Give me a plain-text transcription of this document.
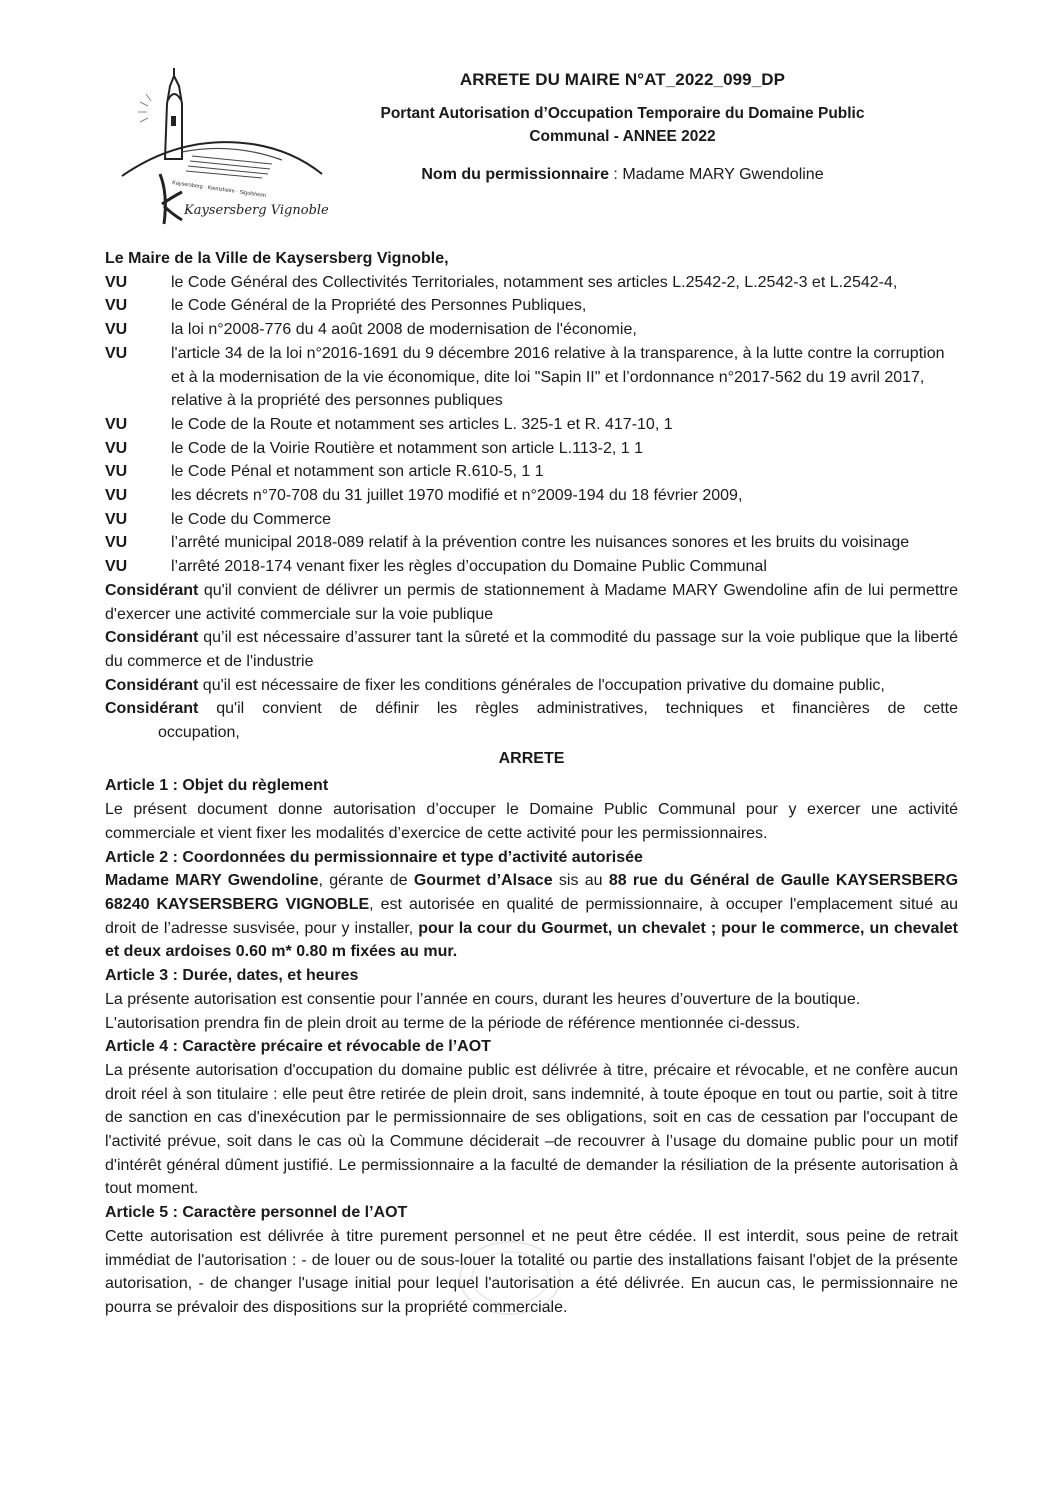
Kaysersberg · Kientzheim · Sigolsheim
Kaysersberg Vignoble
ARRETE DU MAIRE N°AT_2022_099_DP
Portant Autorisation d’Occupation Temporaire du Domaine Public
Communal - ANNEE 2022
Nom du permissionnaire : Madame MARY Gwendoline
Le Maire de la Ville de Kaysersberg Vignoble,
VU	le Code Général des Collectivités Territoriales, notamment ses articles L.2542-2, L.2542-3 et L.2542-4,
VU	le Code Général de la Propriété des Personnes Publiques,
VU	la loi n°2008-776 du 4 août 2008 de modernisation de l'économie,
VU	l'article 34 de la loi n°2016-1691 du 9 décembre 2016 relative à la transparence, à la lutte contre la corruption et à la modernisation de la vie économique, dite loi "Sapin II" et l’ordonnance n°2017-562 du 19 avril 2017, relative à la propriété des personnes publiques
VU	le Code de la Route et notamment ses articles L. 325-1 et R. 417-10, 1
VU	le Code de la Voirie Routière et notamment son article L.113-2, 1 1
VU	le Code Pénal et notamment son article R.610-5, 1 1
VU	les décrets n°70-708 du 31 juillet 1970 modifié et n°2009-194 du 18 février 2009,
VU	le Code du Commerce
VU	l’arrêté municipal 2018-089 relatif à la prévention contre les nuisances sonores et les bruits du voisinage
VU	l’arrêté 2018-174 venant fixer les règles d’occupation du Domaine Public Communal
Considérant qu'il convient de délivrer un permis de stationnement à Madame MARY Gwendoline afin de lui permettre d'exercer une activité commerciale sur la voie publique
Considérant qu’il est nécessaire d’assurer tant la sûreté et la commodité du passage sur la voie publique que la liberté du commerce et de l'industrie
Considérant qu'il est nécessaire de fixer les conditions générales de l'occupation privative du domaine public,
Considérant qu'il convient de définir les règles administratives, techniques et financières de cette
occupation,
ARRETE
Article 1 : Objet du règlement
Le présent document donne autorisation d’occuper le Domaine Public Communal pour y exercer une activité commerciale et vient fixer les modalités d’exercice de cette activité pour les permissionnaires.
Article 2 : Coordonnées du permissionnaire et type d’activité autorisée
Madame MARY Gwendoline, gérante de Gourmet d’Alsace sis au 88 rue du Général de Gaulle KAYSERSBERG 68240 KAYSERSBERG VIGNOBLE, est autorisée en qualité de permissionnaire, à occuper l'emplacement situé au droit de l’adresse susvisée, pour y installer, pour la cour du Gourmet, un chevalet ; pour le commerce, un chevalet et deux ardoises 0.60 m* 0.80 m fixées au mur.
Article 3 : Durée, dates, et heures
La présente autorisation est consentie pour l’année en cours, durant les heures d’ouverture de la boutique.
L'autorisation prendra fin de plein droit au terme de la période de référence mentionnée ci-dessus.
Article 4 : Caractère précaire et révocable de l’AOT
La présente autorisation d'occupation du domaine public est délivrée à titre, précaire et révocable, et ne confère aucun droit réel à son titulaire : elle peut être retirée de plein droit, sans indemnité, à toute époque en tout ou partie, soit à titre de sanction en cas d'inexécution par le permissionnaire de ses obligations, soit en cas de cessation par l'occupant de l'activité prévue, soit dans le cas où la Commune déciderait –de recouvrer à l’usage du domaine public pour un motif d'intérêt général dûment justifié. Le permissionnaire a la faculté de demander la résiliation de la présente autorisation à tout moment.
Article 5 : Caractère personnel de l’AOT
Cette autorisation est délivrée à titre purement personnel et ne peut être cédée. Il est interdit, sous peine de retrait immédiat de l'autorisation : - de louer ou de sous-louer la totalité ou partie des installations faisant l'objet de la présente autorisation, - de changer l'usage initial pour lequel l'autorisation a été délivrée. En aucun cas, le permissionnaire ne pourra se prévaloir des dispositions sur la propriété commerciale.
